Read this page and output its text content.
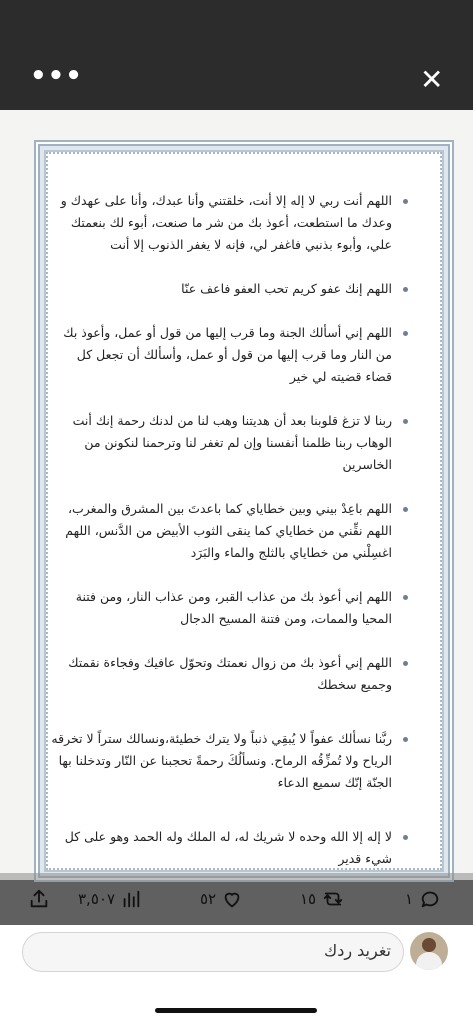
•••	✕

اللهم أنت ربي لا إله إلا أنت، خلقتني وأنا عبدك، وأنا على عهدك و وعدك ما استطعت، أعوذ بك من شر ما صنعت، أبوء لك بنعمتك علي، وأبوء بذنبي فاغفر لي، فإنه لا يغفر الذنوب إلا أنت

اللهم إنك عفو كريم تحب العفو فاعف عنّا

اللهم إني أسألك الجنة وما قرب إليها من قول أو عمل، وأعوذ بك من النار وما قرب إليها من قول أو عمل، وأسألك أن تجعل كل قضاء قضيته لي خير

ربنا لا تزغ قلوبنا بعد أن هديتنا وهب لنا من لدنك رحمة إنك أنت الوهاب ربنا ظلمنا أنفسنا وإن لم تغفر لنا وترحمنا لنكونن من الخاسرين

اللهم باعِدْ بيني وبين خطاياي كما باعدتَ بين المشرق والمغرب، اللهم نقِّني من خطاياي كما ينقى الثوب الأبيض من الدَّنس، اللهم اغسِلْني من خطاياي بالثلج والماء والبَرَد

اللهم إني أعوذ بك من عذاب القبر، ومن عذاب النار، ومن فتنة المحيا والممات، ومن فتنة المسيح الدجال

اللهم إني أعوذ بك من زوال نعمتك وتحوّل عافيك وفجاءة نقمتك وجميع سخطك

ربَّنا نسألك عفواً لا يُبقِي ذنباً ولا يترك خطيئة،ونسالك ستراً لا تخرقه الرياح ولا تُمزِّقُه الرماح. ونسألُكَ رحمةً تحجبنا عن النّار وتدخلنا بها الجنّة إنّك سميع الدعاء

لا إله إلا الله وحده لا شريك له، له الملك وله الحمد وهو على كل شيء قدير

٣,٥٠٧	٥٢	١٥	١
تغريد ردك
